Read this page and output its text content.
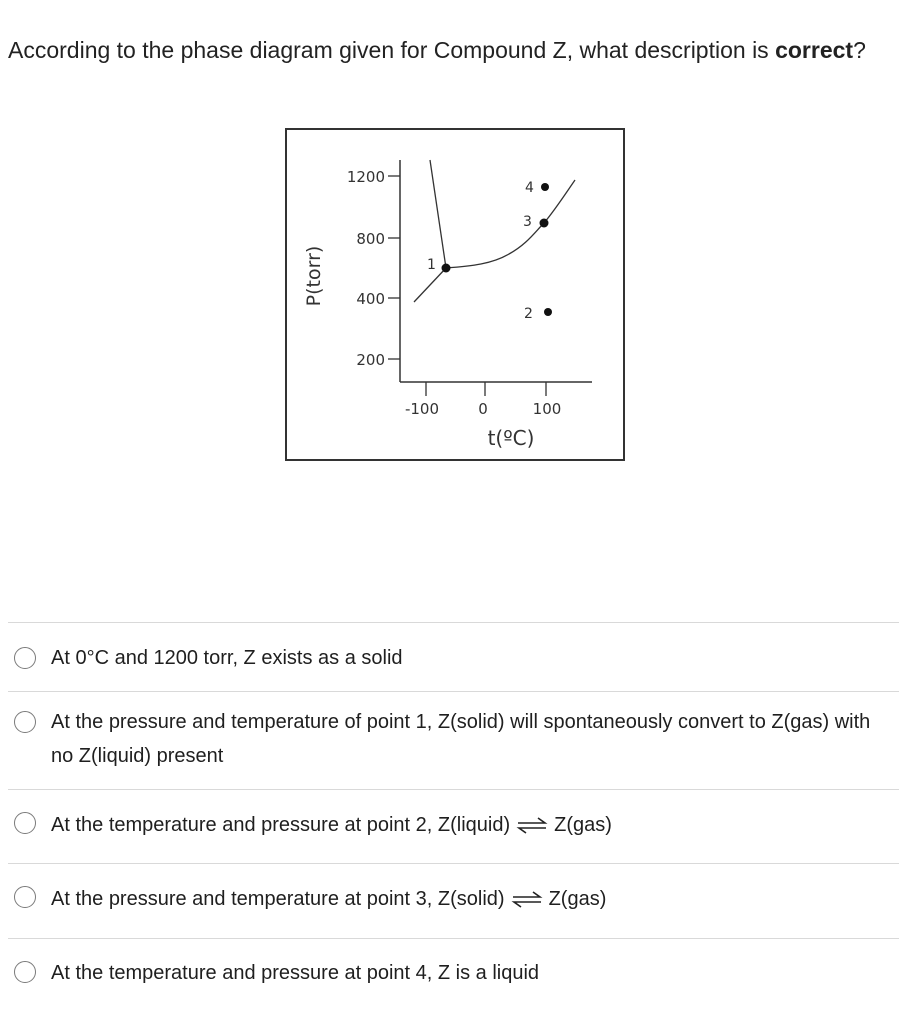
According to the phase diagram given for Compound Z, what description is correct?
1200
800
400
200
-100	0	100
t(ºC)
P(torr)	1
2
3
4
At 0°C and 1200 torr, Z exists as a solid
At the pressure and temperature of point 1, Z(solid) will spontaneously convert to Z(gas) with no Z(liquid) present
At the temperature and pressure at point 2, Z(liquid) ⇌ Z(gas)
At the pressure and temperature at point 3, Z(solid) ⇌ Z(gas)
At the temperature and pressure at point 4, Z is a liquid
